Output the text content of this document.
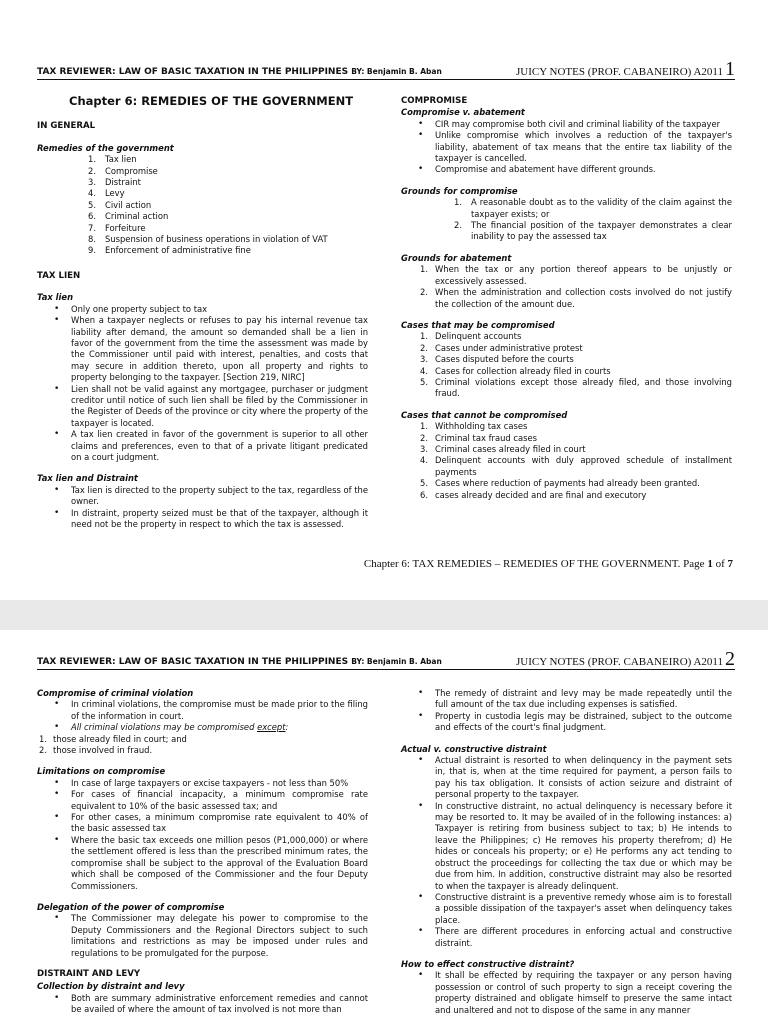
TAX REVIEWER: LAW OF BASIC TAXATION IN THE PHILIPPINES BY: Benjamin B. Aban	JUICY NOTES (PROF. CABANEIRO) A2011 1
Chapter 6: REMEDIES OF THE GOVERNMENT
IN GENERAL
Remedies of the government
1.	Tax lien
2.	Compromise
3.	Distraint
4.	Levy
5.	Civil action
6.	Criminal action
7.	Forfeiture
8.	Suspension of business operations in violation of VAT
9.	Enforcement of administrative fine
TAX LIEN
Tax lien
• Only one property subject to tax
• When a taxpayer neglects or refuses to pay his internal revenue tax liability after demand, the amount so demanded shall be a lien in favor of the government from the time the assessment was made by the Commissioner until paid with interest, penalties, and costs that may secure in addition thereto, upon all property and rights to property belonging to the taxpayer. [Section 219, NIRC]
• Lien shall not be valid against any mortgagee, purchaser or judgment creditor until notice of such lien shall be filed by the Commissioner in the Register of Deeds of the province or city where the property of the taxpayer is located.
• A tax lien created in favor of the government is superior to all other claims and preferences, even to that of a private litigant predicated on a court judgment.
Tax lien and Distraint
• Tax lien is directed to the property subject to the tax, regardless of the owner.
• In distraint, property seized must be that of the taxpayer, although it need not be the property in respect to which the tax is assessed.
COMPROMISE
Compromise v. abatement
• CIR may compromise both civil and criminal liability of the taxpayer
• Unlike compromise which involves a reduction of the taxpayer's liability, abatement of tax means that the entire tax liability of the taxpayer is cancelled.
• Compromise and abatement have different grounds.
Grounds for compromise
1.	A reasonable doubt as to the validity of the claim against the taxpayer exists; or
2.	The financial position of the taxpayer demonstrates a clear inability to pay the assessed tax
Grounds for abatement
1. When the tax or any portion thereof appears to be unjustly or excessively assessed.
2. When the administration and collection costs involved do not justify the collection of the amount due.
Cases that may be compromised
1. Delinquent accounts
2. Cases under administrative protest
3. Cases disputed before the courts
4. Cases for collection already filed in courts
5. Criminal violations except those already filed, and those involving fraud.
Cases that cannot be compromised
1. Withholding tax cases
2. Criminal tax fraud cases
3. Criminal cases already filed in court
4. Delinquent accounts with duly approved schedule of installment payments
5. Cases where reduction of payments had already been granted.
6. cases already decided and are final and executory
Chapter 6: TAX REMEDIES – REMEDIES OF THE GOVERNMENT. Page 1 of 7
TAX REVIEWER: LAW OF BASIC TAXATION IN THE PHILIPPINES BY: Benjamin B. Aban	JUICY NOTES (PROF. CABANEIRO) A2011 2
Compromise of criminal violation
• In criminal violations, the compromise must be made prior to the filing of the information in court.
• All criminal violations may be compromised except:
1. those already filed in court; and
2. those involved in fraud.
Limitations on compromise
• In case of large taxpayers or excise taxpayers - not less than 50%
• For cases of financial incapacity, a minimum compromise rate equivalent to 10% of the basic assessed tax; and
• For other cases, a minimum compromise rate equivalent to 40% of the basic assessed tax
• Where the basic tax exceeds one million pesos (P1,000,000) or where the settlement offered is less than the prescribed minimum rates, the compromise shall be subject to the approval of the Evaluation Board which shall be composed of the Commissioner and the four Deputy Commissioners.
Delegation of the power of compromise
• The Commissioner may delegate his power to compromise to the Deputy Commissioners and the Regional Directors subject to such limitations and restrictions as may be imposed under rules and regulations to be promulgated for the purpose.
DISTRAINT AND LEVY
Collection by distraint and levy
• Both are summary administrative enforcement remedies and cannot be availed of where the amount of tax involved is not more than
• The remedy of distraint and levy may be made repeatedly until the full amount of the tax due including expenses is satisfied.
• Property in custodia legis may be distrained, subject to the outcome and effects of the court's final judgment.
Actual v. constructive distraint
• Actual distraint is resorted to when delinquency in the payment sets in, that is, when at the time required for payment, a person fails to pay his tax obligation. It consists of action seizure and distraint of personal property to the taxpayer.
• In constructive distraint, no actual delinquency is necessary before it may be resorted to. It may be availed of in the following instances: a) Taxpayer is retiring from business subject to tax; b) He intends to leave the Philippines; c) He removes his property therefrom; d) He hides or conceals his property; or e) He performs any act tending to obstruct the proceedings for collecting the tax due or which may be due from him. In addition, constructive distraint may also be resorted to when the taxpayer is already delinquent.
• Constructive distraint is a preventive remedy whose aim is to forestall a possible dissipation of the taxpayer's asset when delinquency takes place.
• There are different procedures in enforcing actual and constructive distraint.
How to effect constructive distraint?
• It shall be effected by requiring the taxpayer or any person having possession or control of such property to sign a receipt covering the property distrained and obligate himself to preserve the same intact and unaltered and not to dispose of the same in any manner
